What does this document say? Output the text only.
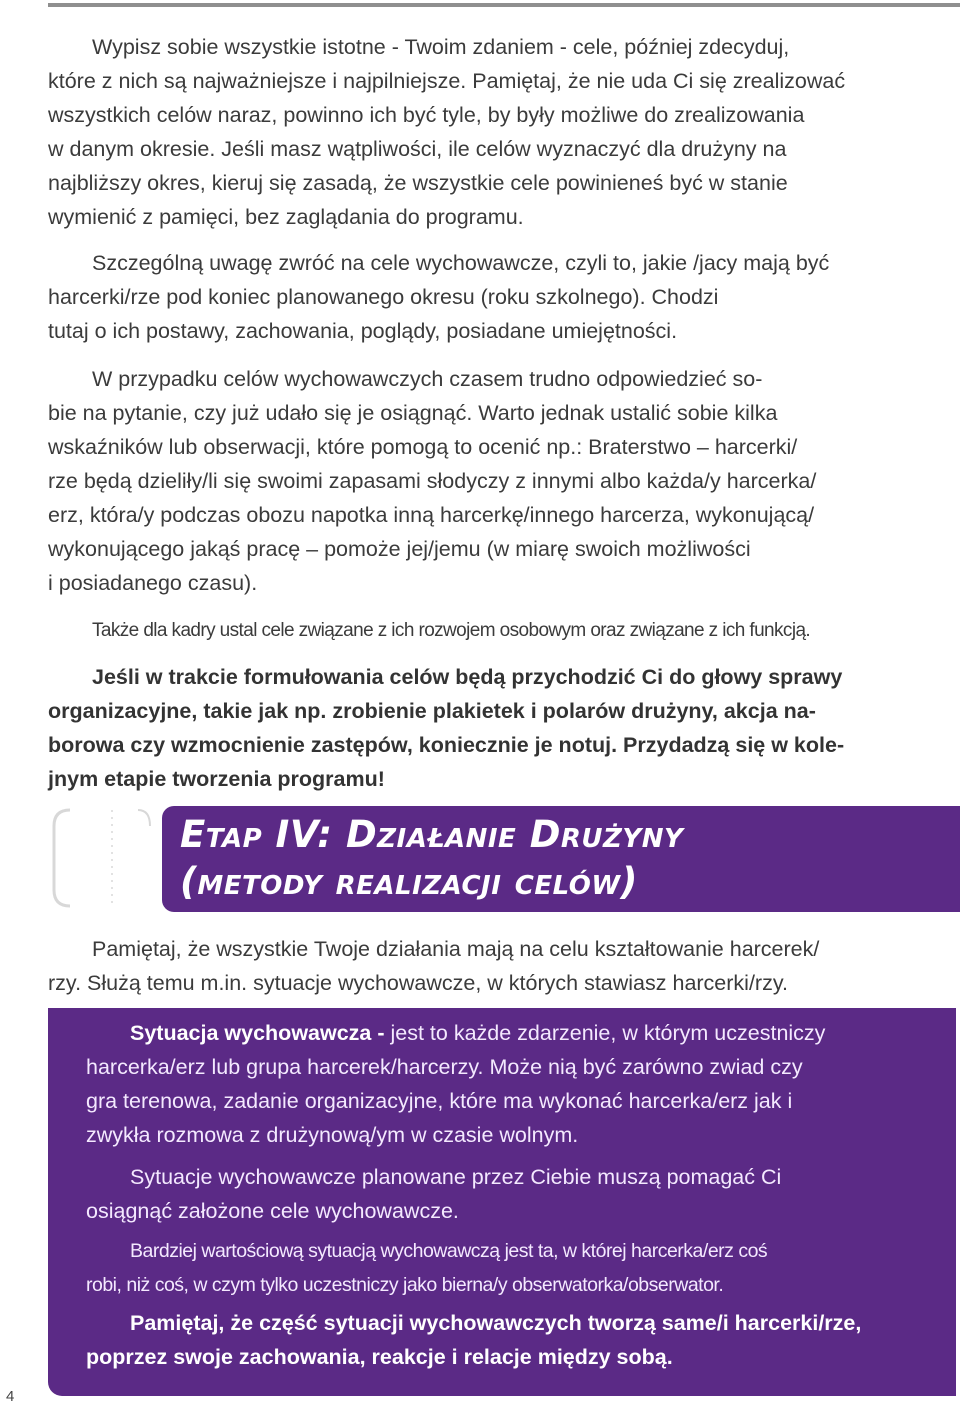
Wypisz sobie wszystkie istotne - Twoim zdaniem - cele, później zdecyduj,
które z nich są najważniejsze i najpilniejsze. Pamiętaj, że nie uda Ci się zrealizować
wszystkich celów naraz, powinno ich być tyle, by były możliwe do zrealizowania
w danym okresie. Jeśli masz wątpliwości, ile celów wyznaczyć dla drużyny na
najbliższy okres, kieruj się zasadą, że wszystkie cele powinieneś być w stanie
wymienić z pamięci, bez zaglądania do programu.

Szczególną uwagę zwróć na cele wychowawcze, czyli to, jakie /jacy mają być
harcerki/rze pod koniec planowanego okresu (roku szkolnego). Chodzi
tutaj o ich postawy, zachowania, poglądy, posiadane umiejętności.

W przypadku celów wychowawczych czasem trudno odpowiedzieć so-
bie na pytanie, czy już udało się je osiągnąć. Warto jednak ustalić sobie kilka
wskaźników lub obserwacji, które pomogą to ocenić np.: Braterstwo – harcerki/
rze będą dzieliły/li się swoimi zapasami słodyczy z innymi albo każda/y harcerka/
erz, która/y podczas obozu napotka inną harcerkę/innego harcerza, wykonującą/
wykonującego jakąś pracę – pomoże jej/jemu (w miarę swoich możliwości
i posiadanego czasu).

Także dla kadry ustal cele związane z ich rozwojem osobowym oraz związane z ich funkcją.

Jeśli w trakcie formułowania celów będą przychodzić Ci do głowy sprawy
organizacyjne, takie jak np. zrobienie plakietek i polarów drużyny, akcja na-
borowa czy wzmocnienie zastępów, koniecznie je notuj. Przydadzą się w kole-
jnym etapie tworzenia programu!

Etap IV: Działanie Drużyny
(metody realizacji celów)

Pamiętaj, że wszystkie Twoje działania mają na celu kształtowanie harcerek/
rzy. Służą temu m.in. sytuacje wychowawcze, w których stawiasz harcerki/rzy.

Sytuacja wychowawcza - jest to każde zdarzenie, w którym uczestniczy
harcerka/erz lub grupa harcerek/harcerzy. Może nią być zarówno zwiad czy
gra terenowa, zadanie organizacyjne, które ma wykonać harcerka/erz jak i
zwykła rozmowa z drużynową/ym w czasie wolnym.

Sytuacje wychowawcze planowane przez Ciebie muszą pomagać Ci
osiągnąć założone cele wychowawcze.

Bardziej wartościową sytuacją wychowawczą jest ta, w której harcerka/erz coś
robi, niż coś, w czym tylko uczestniczy jako bierna/y obserwatorka/obserwator.

Pamiętaj, że część sytuacji wychowawczych tworzą same/i harcerki/rze,
poprzez swoje zachowania, reakcje i relacje między sobą.

4
